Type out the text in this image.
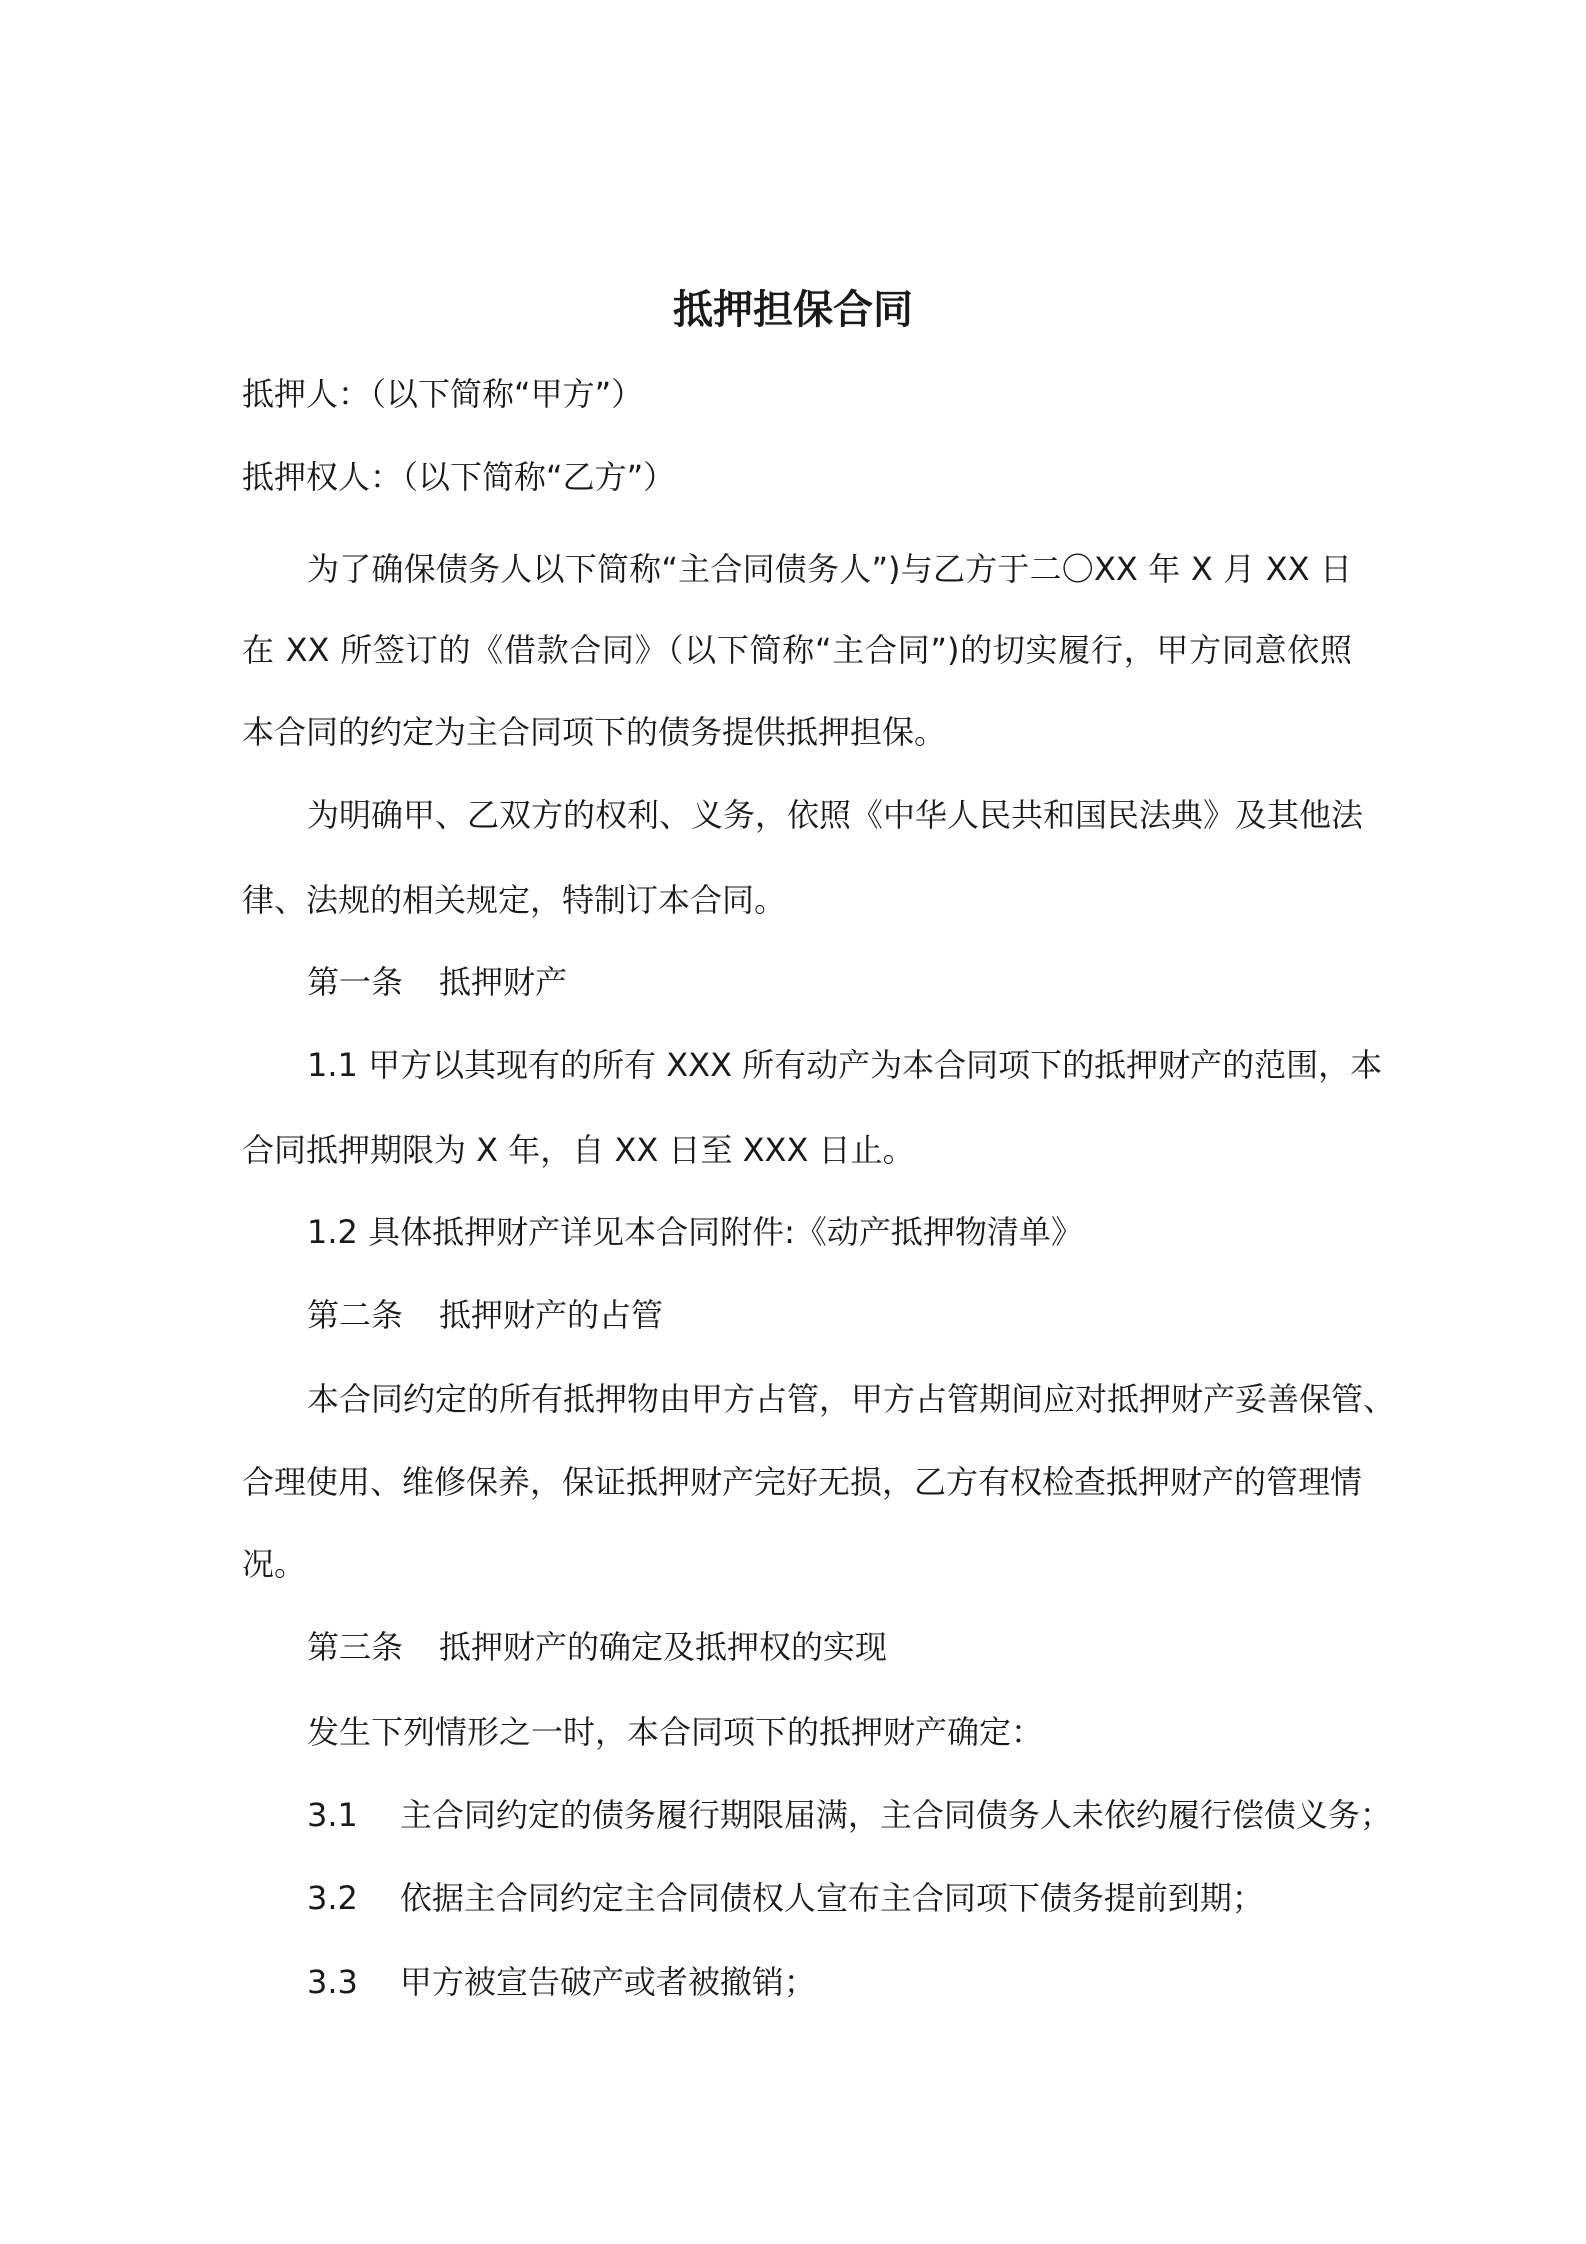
抵押担保合同
抵押人：（以下简称“甲方”）
抵押权人：（以下简称“乙方”）
为了确保债务人以下简称“主合同债务人”)与乙方于二〇XX 年 X 月 XX 日
在 XX 所签订的《借款合同》（以下简称“主合同”)的切实履行，甲方同意依照
本合同的约定为主合同项下的债务提供抵押担保。
为明确甲、乙双方的权利、义务，依照《中华人民共和国民法典》及其他法
律、法规的相关规定，特制订本合同。
第一条 抵押财产
1.1 甲方以其现有的所有 XXX 所有动产为本合同项下的抵押财产的范围，本
合同抵押期限为 X 年，自 XX 日至 XXX 日止。
1.2 具体抵押财产详见本合同附件:《动产抵押物清单》
第二条 抵押财产的占管
本合同约定的所有抵押物由甲方占管，甲方占管期间应对抵押财产妥善保管、
合理使用、维修保养，保证抵押财产完好无损，乙方有权检查抵押财产的管理情
况。
第三条 抵押财产的确定及抵押权的实现
发生下列情形之一时，本合同项下的抵押财产确定：
3.1 主合同约定的债务履行期限届满，主合同债务人未依约履行偿债义务；
3.2 依据主合同约定主合同债权人宣布主合同项下债务提前到期；
3.3 甲方被宣告破产或者被撤销；
